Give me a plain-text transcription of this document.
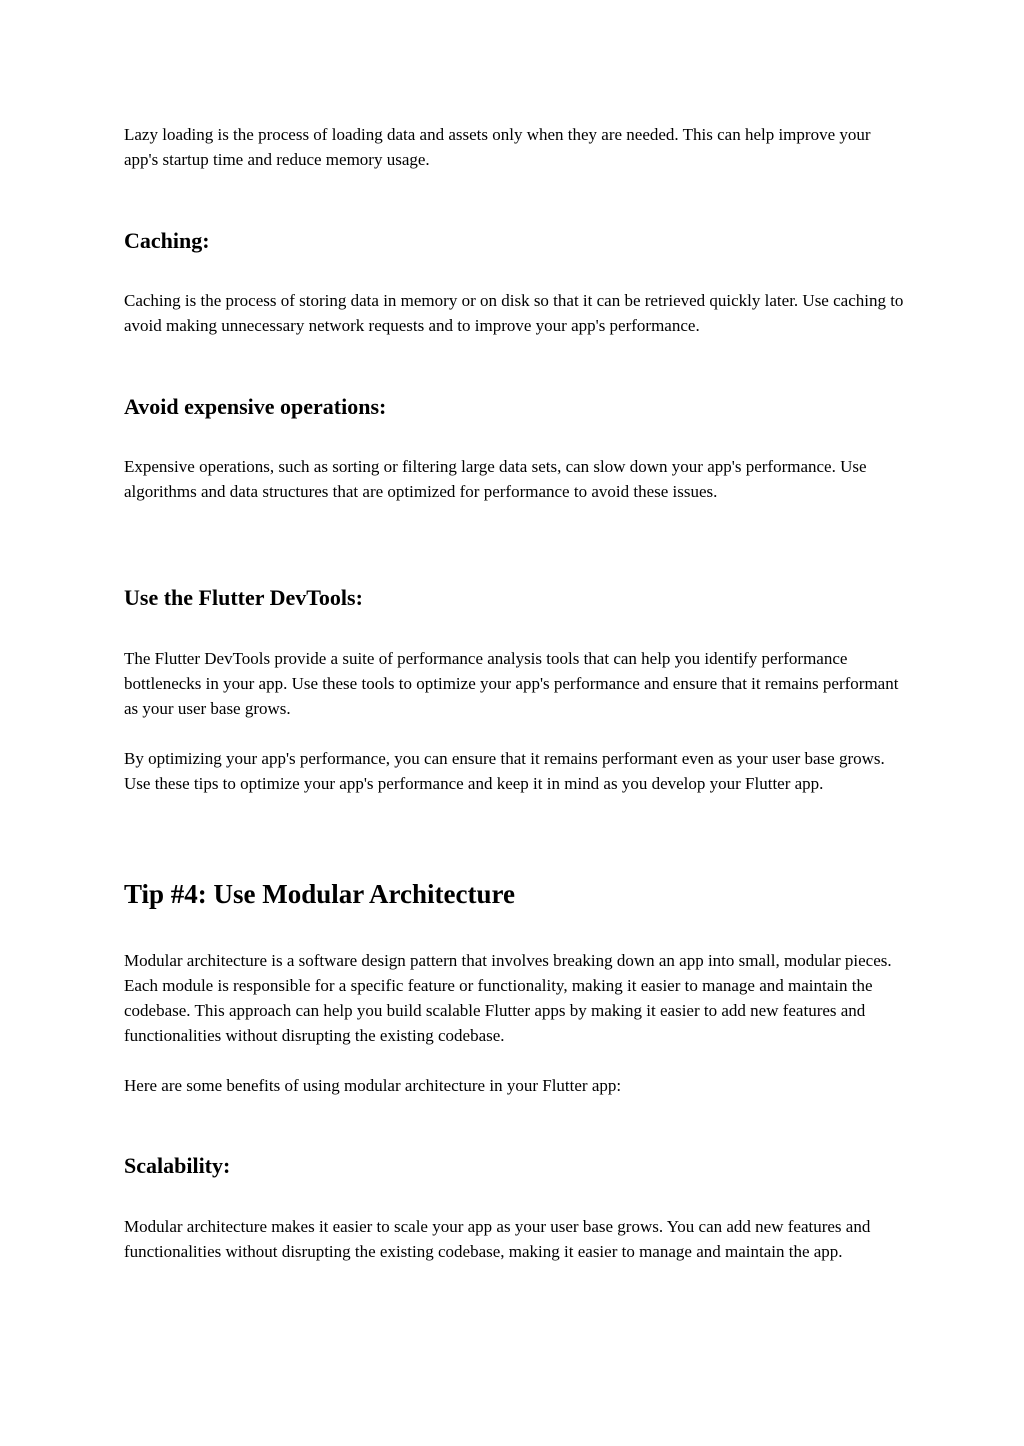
Lazy loading is the process of loading data and assets only when they are needed. This can help improve your app's startup time and reduce memory usage.

Caching:

Caching is the process of storing data in memory or on disk so that it can be retrieved quickly later. Use caching to avoid making unnecessary network requests and to improve your app's performance.

Avoid expensive operations:

Expensive operations, such as sorting or filtering large data sets, can slow down your app's performance. Use algorithms and data structures that are optimized for performance to avoid these issues.

Use the Flutter DevTools:

The Flutter DevTools provide a suite of performance analysis tools that can help you identify performance bottlenecks in your app. Use these tools to optimize your app's performance and ensure that it remains performant as your user base grows.

By optimizing your app's performance, you can ensure that it remains performant even as your user base grows. Use these tips to optimize your app's performance and keep it in mind as you develop your Flutter app.

Tip #4: Use Modular Architecture

Modular architecture is a software design pattern that involves breaking down an app into small, modular pieces. Each module is responsible for a specific feature or functionality, making it easier to manage and maintain the codebase. This approach can help you build scalable Flutter apps by making it easier to add new features and functionalities without disrupting the existing codebase.

Here are some benefits of using modular architecture in your Flutter app:

Scalability:

Modular architecture makes it easier to scale your app as your user base grows. You can add new features and functionalities without disrupting the existing codebase, making it easier to manage and maintain the app.
